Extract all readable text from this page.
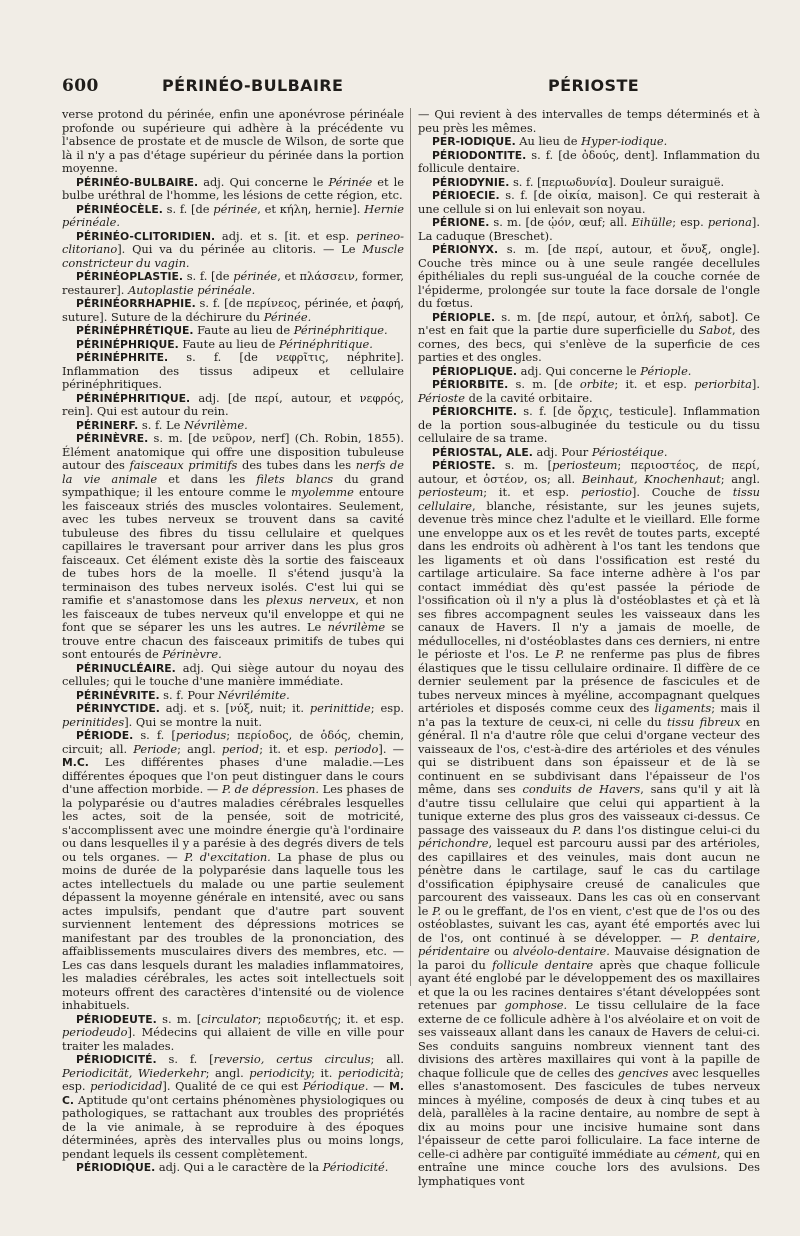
600	PÉRINÉO-BULBAIRE	PÉRIOSTE

verse protond du périnée, enfin une aponévrose périnéale profonde ou supérieure qui adhère à la précédente vu l'absence de prostate et de muscle de Wilson, de sorte que là il n'y a pas d'étage supérieur du périnée dans la portion moyenne.

PÉRINÉO-BULBAIRE. adj. Qui concerne le Périnée et le bulbe uréthral de l'homme, les lésions de cette région, etc.

PÉRINÉOCÈLE. s. f. [de périnée, et κήλη, hernie]. Hernie périnéale.

PÉRINÉO-CLITORIDIEN. adj. et s. [it. et esp. perineo-clitoriano]. Qui va du périnée au clitoris. — Le Muscle constricteur du vagin.

PÉRINÉOPLASTIE. s. f. [de périnée, et πλάσσειν, former, restaurer]. Autoplastie périnéale.

PÉRINÉORRHAPHIE. s. f. [de περίνεος, périnée, et ῥαφή, suture]. Suture de la déchirure du Périnée.

PÉRINÉPHRÉTIQUE. Faute au lieu de Périnéphritique.

PÉRINÉPHRIQUE. Faute au lieu de Périnéphritique.

PÉRINÉPHRITE. s. f. [de νεφρῖτις, néphrite]. Inflammation des tissus adipeux et cellulaire périnéphritiques.

PÉRINÉPHRITIQUE. adj. [de περί, autour, et νεφρός, rein]. Qui est autour du rein.

PÉRINERF. s. f. Le Névrilème.

PÉRINÈVRE. s. m. [de νεῦρον, nerf] (Ch. Robin, 1855). Élément anatomique qui offre une disposition tubuleuse autour des faisceaux primitifs des tubes dans les nerfs de la vie animale et dans les filets blancs du grand sympathique; il les entoure comme le myolemme entoure les faisceaux striés des muscles volontaires. Seulement, avec les tubes nerveux se trouvent dans sa cavité tubuleuse des fibres du tissu cellulaire et quelques capillaires le traversant pour arriver dans les plus gros faisceaux. Cet élément existe dès la sortie des faisceaux de tubes hors de la moelle. Il s'étend jusqu'à la terminaison des tubes nerveux isolés. C'est lui qui se ramifie et s'anastomose dans les plexus nerveux, et non les faisceaux de tubes nerveux qu'il enveloppe et qui ne font que se séparer les uns les autres. Le névrilème se trouve entre chacun des faisceaux primitifs de tubes qui sont entourés de Périnèvre.

PÉRINUCLÉAIRE. adj. Qui siège autour du noyau des cellules; qui le touche d'une manière immédiate.

PÉRINÉVRITE. s. f. Pour Névrilémite.

PÉRINYCTIDE. adj. et s. [νύξ, nuit; it. perinittide; esp. perinitides]. Qui se montre la nuit.

PÉRIODE. s. f. [periodus; περίοδος, de ὁδός, chemin, circuit; all. Periode; angl. period; it. et esp. periodo]. — M.C. Les différentes phases d'une maladie.—Les différentes époques que l'on peut distinguer dans le cours d'une affection morbide. — P. de dépression. Les phases de la polyparésie ou d'autres maladies cérébrales lesquelles les actes, soit de la pensée, soit de motricité, s'accomplissent avec une moindre énergie qu'à l'ordinaire ou dans lesquelles il y a parésie à des degrés divers de tels ou tels organes. — P. d'excitation. La phase de plus ou moins de durée de la polyparésie dans laquelle tous les actes intellectuels du malade ou une partie seulement dépassent la moyenne générale en intensité, avec ou sans actes impulsifs, pendant que d'autre part souvent surviennent lentement des dépressions motrices se manifestant par des troubles de la prononciation, des affaiblissements musculaires divers des membres, etc. — Les cas dans lesquels durant les maladies inflammatoires, les maladies cérébrales, les actes soit intellectuels soit moteurs offrent des caractères d'intensité ou de violence inhabituels.

PÉRIODEUTE. s. m. [circulator; περιοδευτής; it. et esp. periodeudo]. Médecins qui allaient de ville en ville pour traiter les malades.

PÉRIODICITÉ. s. f. [reversio, certus circulus; all. Periodicität, Wiederkehr; angl. periodicity; it. periodicità; esp. periodicidad]. Qualité de ce qui est Périodique. — M. C. Aptitude qu'ont certains phénomènes physiologiques ou pathologiques, se rattachant aux troubles des propriétés de la vie animale, à se reproduire à des époques déterminées, après des intervalles plus ou moins longs, pendant lequels ils cessent complètement.

PÉRIODIQUE. adj. Qui a le caractère de la Périodicité.

— Qui revient à des intervalles de temps déterminés et à peu près les mêmes.

PER-IODIQUE. Au lieu de Hyper-iodique.

PÉRIODONTITE. s. f. [de ὀδούς, dent]. Inflammation du follicule dentaire.

PÉRIODYNIE. s. f. [περιωδυνία]. Douleur suraiguë.

PÉRIOECIE. s. f. [de οἰκία, maison]. Ce qui resterait à une cellule si on lui enlevait son noyau.

PÉRIONE. s. m. [de ᾠόν, œuf; all. Eihülle; esp. periona]. La caduque (Breschet).

PÉRIONYX. s. m. [de περί, autour, et ὄνυξ, ongle]. Couche très mince ou à une seule rangée decellules épithéliales du repli sus-unguéal de la couche cornée de l'épiderme, prolongée sur toute la face dorsale de l'ongle du fœtus.

PÉRIOPLE. s. m. [de περί, autour, et ὁπλή, sabot]. Ce n'est en fait que la partie dure superficielle du Sabot, des cornes, des becs, qui s'enlève de la superficie de ces parties et des ongles.

PÉRIOPLIQUE. adj. Qui concerne le Périople.

PÉRIORBITE. s. m. [de orbite; it. et esp. periorbita]. Périoste de la cavité orbitaire.

PÉRIORCHITE. s. f. [de ὄρχις, testicule]. Inflammation de la portion sous-albuginée du testicule ou du tissu cellulaire de sa trame.

PÉRIOSTAL, ALE. adj. Pour Périostéique.

PÉRIOSTE. s. m. [periosteum; περιοστέος, de περί, autour, et ὀστέον, os; all. Beinhaut, Knochenhaut; angl. periosteum; it. et esp. periostio]. Couche de tissu cellulaire, blanche, résistante, sur les jeunes sujets, devenue très mince chez l'adulte et le vieillard. Elle forme une enveloppe aux os et les revêt de toutes parts, excepté dans les endroits où adhèrent à l'os tant les tendons que les ligaments et où dans l'ossification est resté du cartilage articulaire. Sa face interne adhère à l'os par contact immédiat dès qu'est passée la période de l'ossification où il n'y a plus là d'ostéoblastes et çà et là ses fibres accompagnent seules les vaisseaux dans les canaux de Havers. Il n'y a jamais de moelle, de médullocelles, ni d'ostéoblastes dans ces derniers, ni entre le périoste et l'os. Le P. ne renferme pas plus de fibres élastiques que le tissu cellulaire ordinaire. Il diffère de ce dernier seulement par la présence de fascicules et de tubes nerveux minces à myéline, accompagnant quelques artérioles et disposés comme ceux des ligaments; mais il n'a pas la texture de ceux-ci, ni celle du tissu fibreux en général. Il n'a d'autre rôle que celui d'organe vecteur des vaisseaux de l'os, c'est-à-dire des artérioles et des vénules qui se distribuent dans son épaisseur et de là se continuent en se subdivisant dans l'épaisseur de l'os même, dans ses conduits de Havers, sans qu'il y ait là d'autre tissu cellulaire que celui qui appartient à la tunique externe des plus gros des vaisseaux ci-dessus. Ce passage des vaisseaux du P. dans l'os distingue celui-ci du périchondre, lequel est parcouru aussi par des artérioles, des capillaires et des veinules, mais dont aucun ne pénètre dans le cartilage, sauf le cas du cartilage d'ossification épiphysaire creusé de canalicules que parcourent des vaisseaux. Dans les cas où en conservant le P. ou le greffant, de l'os en vient, c'est que de l'os ou des ostéoblastes, suivant les cas, ayant été emportés avec lui de l'os, ont continué à se développer. — P. dentaire, péridentaire ou alvéolo-dentaire. Mauvaise désignation de la paroi du follicule dentaire après que chaque follicule ayant été englobé par le développement des os maxillaires et que la ou les racines dentaires s'étant développées sont retenues par gomphose. Le tissu cellulaire de la face externe de ce follicule adhère à l'os alvéolaire et on voit de ses vaisseaux allant dans les canaux de Havers de celui-ci. Ses conduits sanguins nombreux viennent tant des divisions des artères maxillaires qui vont à la papille de chaque follicule que de celles des gencives avec lesquelles elles s'anastomosent. Des fascicules de tubes nerveux minces à myéline, composés de deux à cinq tubes et au delà, parallèles à la racine dentaire, au nombre de sept à dix au moins pour une incisive humaine sont dans l'épaisseur de cette paroi folliculaire. La face interne de celle-ci adhère par contiguïté immédiate au cément, qui en entraîne une mince couche lors des avulsions. Des lymphatiques vont
